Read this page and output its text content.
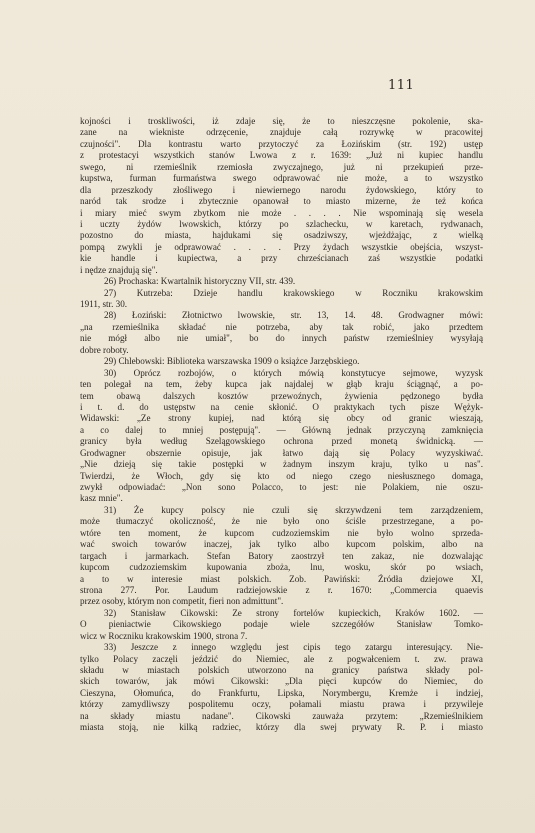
111
kojności i troskliwości, iż zdaje się, że to nieszczęsne pokolenie, ska-
zane na wiekniste odrzęcenie, znajduje całą rozrywkę w pracowitej
czujności". Dla kontrastu warto przytoczyć za Łozińskim (str. 192) ustęp
z protestacyi wszystkich stanów Lwowa z r. 1639: „Już ni kupiec handlu
swego, ni rzemieślnik rzemiosła zwyczajnego, już ni przekupień prze-
kupstwa, furman furmaństwa swego odprawować nie może, a to wszystko
dla przeszkody złośliwego i niewiernego narodu żydowskiego, który to
naród tak srodze i zbytecznie opanował to miasto mizerne, że też końca
i miary mieć swym zbytkom nie może . . . . Nie wspominają się wesela
i uczty żydów lwowskich, którzy po szlachecku, w karetach, rydwanach,
pozostno do miasta, hajdukami się osadziwszy, wjeżdżając, z wielką
pompą zwykli je odprawować . . . . Przy żydach wszystkie obejścia, wszyst-
kie handle i kupiectwa, a przy chrześcianach zaś wszystkie podatki
i nędze znajdują się".
26) Prochaska: Kwartalnik historyczny VII, str. 439.
27) Kutrzeba: Dzieje handlu krakowskiego w Roczniku krakowskim
1911, str. 30.
28) Łoziński: Złotnictwo lwowskie, str. 13, 14. 48. Grodwagner mówi:
„na rzemieślnika składać nie potrzeba, aby tak robić, jako przedtem
nie mógł albo nie umiał", bo do innych państw rzemieślniey wysyłają
dobre roboty.
29) Chlebowski: Biblioteka warszawska 1909 o książce Jarzębskiego.
30) Oprócz rozbojów, o których mówią konstytucye sejmowe, wyzysk
ten polegał na tem, żeby kupca jak najdalej w głąb kraju ściągnąć, a po-
tem obawą dalszych kosztów przewoźnych, żywienia pędzonego bydła
i t. d. do ustępstw na cenie skłonić. O praktykach tych pisze Wężyk-
Widawski: „Ze strony kupiej, nad którą się obcy od granic wieszają,
a co dalej to mniej postępują". — Główną jednak przyczyną zamknięcia
granicy była według Szelągowskiego ochrona przed monetą świdnicką. —
Grodwagner obszernie opisuje, jak łatwo dają się Polacy wyzyskiwać.
„Nie dzieją się takie postępki w żadnym inszym kraju, tylko u nas".
Twierdzi, że Włoch, gdy się kto od niego czego niesłusznego domaga,
zwykł odpowiadać: „Non sono Polacco, to jest: nie Polakiem, nie oszu-
kasz mnie".
31) Że kupcy polscy nie czuli się skrzywdzeni tem zarządzeniem,
może tłumaczyć okoliczność, że nie było ono ściśle przestrzegane, a po-
wtóre ten moment, że kupcom cudzoziemskim nie było wolno sprzeda-
wać swoich towarów inaczej, jak tylko albo kupcom polskim, albo na
targach i jarmarkach. Stefan Batory zaostrzył ten zakaz, nie dozwalając
kupcom cudzoziemskim kupowania zboża, lnu, wosku, skór po wsiach,
a to w interesie miast polskich. Zob. Pawiński: Źródła dziejowe XI,
strona 277. Por. Laudum radziejowskie z r. 1670: „Commercia quaevis
przez osoby, którym non competit, fieri non admittunt".
32) Stanisław Cikowski: Ze strony fortelów kupieckich, Kraków 1602. —
O pieniactwie Cikowskiego podaje wiele szczegółów Stanisław Tomko-
wicz w Roczniku krakowskim 1900, strona 7.
33) Jeszcze z innego względu jest cipis tego zatargu interesujący. Nie-
tylko Polacy zaczęli jeździć do Niemiec, ale z pogwałceniem t. zw. prawa
składu w miastach polskich utworzono na granicy państwa składy pol-
skich towarów, jak mówi Cikowski: „Dla pięci kupców do Niemiec, do
Cieszyna, Ołomuńca, do Frankfurtu, Lipska, Norymbergu, Kremże i indziej,
którzy zamydliwszy pospolitemu oczy, połamali miastu prawa i przywileje
na składy miastu nadane". Cikowski zauważa przytem: „Rzemieślnikiem
miasta stoją, nie kilką radziec, którzy dla swej prywaty R. P. i miasto
